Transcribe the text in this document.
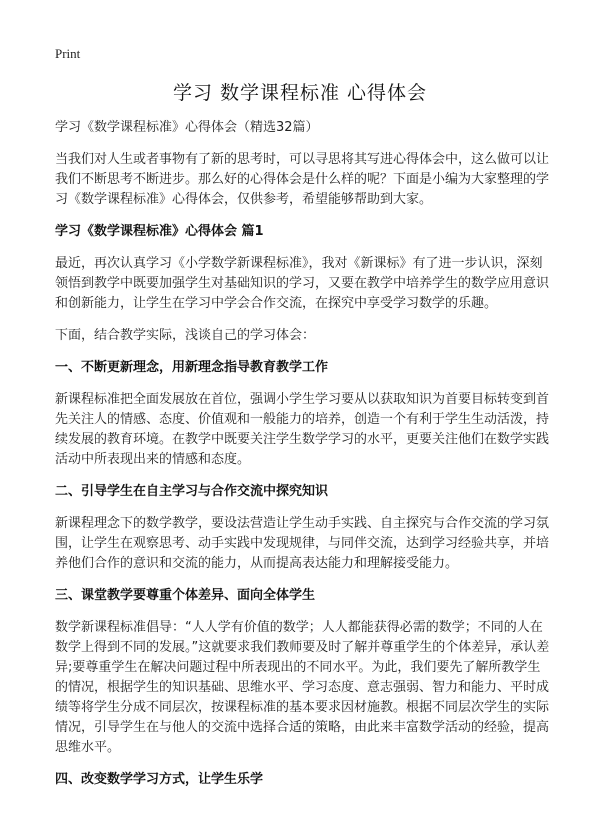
Print
学习 数学课程标准 心得体会

学习《数学课程标准》心得体会（精选32篇）

当我们对人生或者事物有了新的思考时，可以寻思将其写进心得体会中，这么做可以让我们不断思考不断进步。那么好的心得体会是什么样的呢？下面是小编为大家整理的学习《数学课程标准》心得体会，仅供参考，希望能够帮助到大家。

学习《数学课程标准》心得体会 篇1

最近，再次认真学习《小学数学新课程标准》，我对《新课标》有了进一步认识，深刻领悟到教学中既要加强学生对基础知识的学习，又要在教学中培养学生的数学应用意识和创新能力，让学生在学习中学会合作交流，在探究中享受学习数学的乐趣。

下面，结合教学实际，浅谈自己的学习体会：

一、不断更新理念，用新理念指导教育教学工作

新课程标准把全面发展放在首位，强调小学生学习要从以获取知识为首要目标转变到首先关注人的情感、态度、价值观和一般能力的培养，创造一个有利于学生生动活泼，持续发展的教育环境。在教学中既要关注学生数学学习的水平，更要关注他们在数学实践活动中所表现出来的情感和态度。

二、引导学生在自主学习与合作交流中探究知识

新课程理念下的数学教学，要设法营造让学生动手实践、自主探究与合作交流的学习氛围，让学生在观察思考、动手实践中发现规律，与同伴交流，达到学习经验共享，并培养他们合作的意识和交流的能力，从而提高表达能力和理解接受能力。

三、课堂教学要尊重个体差异、面向全体学生

数学新课程标准倡导：“人人学有价值的数学；人人都能获得必需的数学；不同的人在数学上得到不同的发展。”这就要求我们教师要及时了解并尊重学生的个体差异，承认差异;要尊重学生在解决问题过程中所表现出的不同水平。为此，我们要先了解所教学生的情况，根据学生的知识基础、思维水平、学习态度、意志强弱、智力和能力、平时成绩等将学生分成不同层次，按课程标准的基本要求因材施教。根据不同层次学生的实际情况，引导学生在与他人的交流中选择合适的策略，由此来丰富数学活动的经验，提高思维水平。

四、改变数学学习方式，让学生乐学
